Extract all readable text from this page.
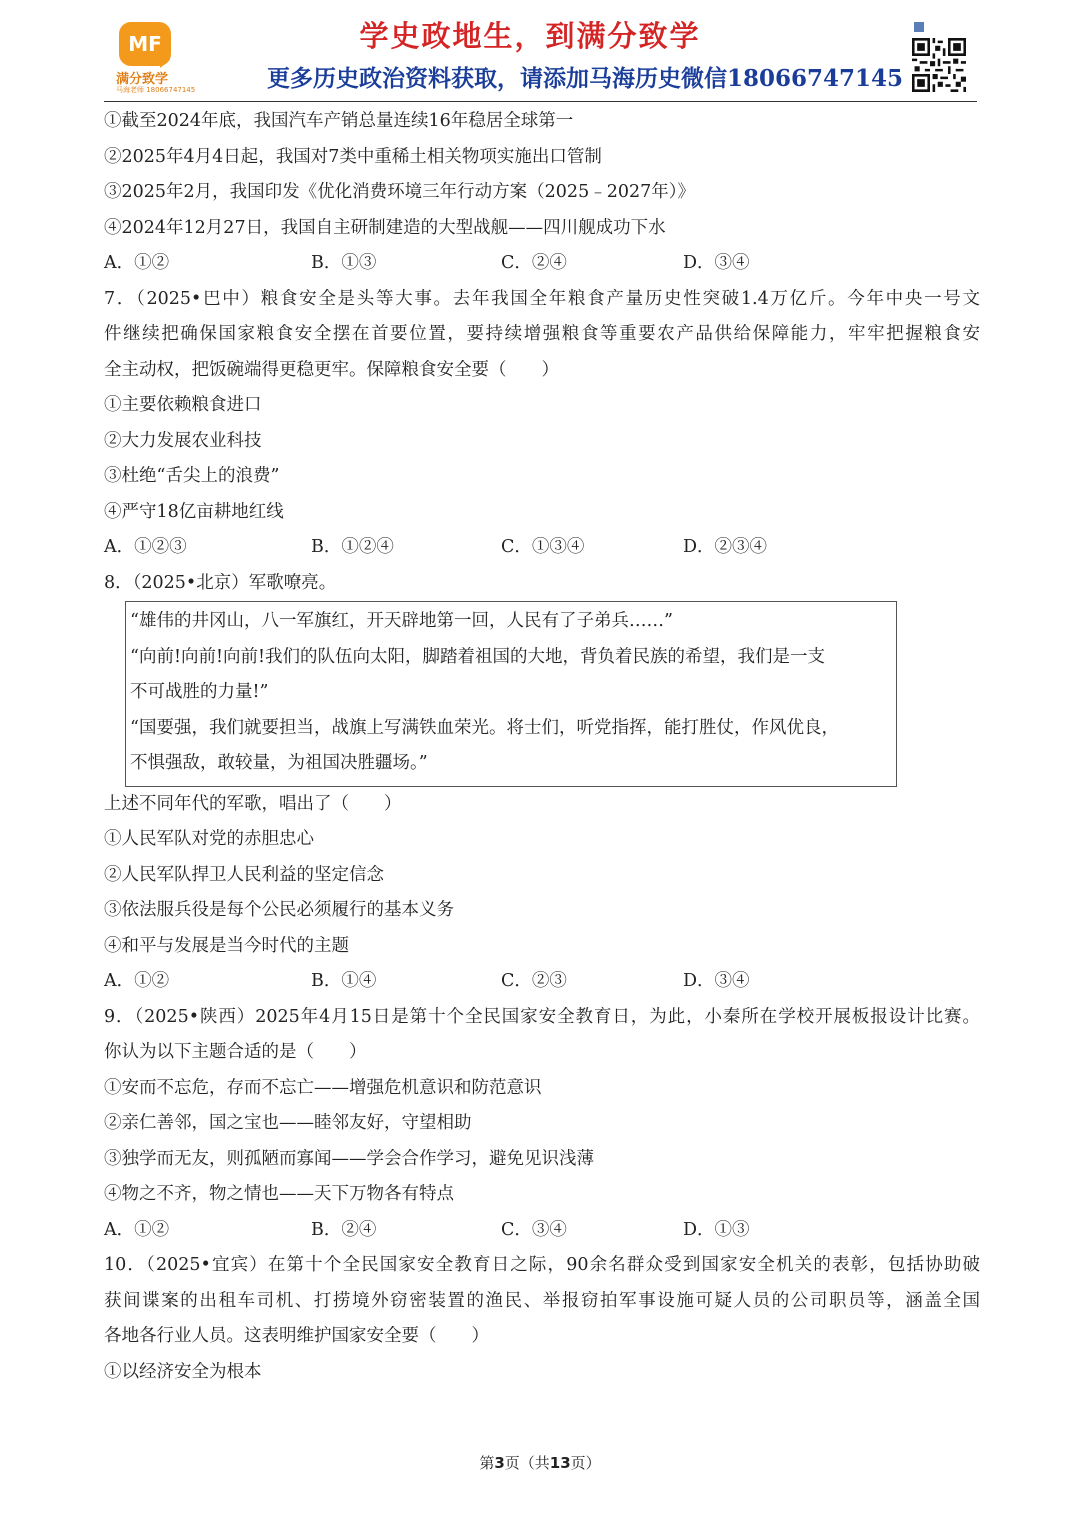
MF
满分致学
马海老师 18066747145
学史政地生，到满分致学
更多历史政治资料获取，请添加马海历史微信18066747145
①截至2024年底，我国汽车产销总量连续16年稳居全球第一
②2025年4月4日起，我国对7类中重稀土相关物项实施出口管制
③2025年2月，我国印发《优化消费环境三年行动方案（2025﹣2027年）》
④2024年12月27日，我国自主研制建造的大型战舰——四川舰成功下水
A．①②	B．①③	C．②④	D．③④
7．（2025•巴中）粮食安全是头等大事。去年我国全年粮食产量历史性突破1.4万亿斤。今年中央一号文
件继续把确保国家粮食安全摆在首要位置，要持续增强粮食等重要农产品供给保障能力，牢牢把握粮食安
全主动权，把饭碗端得更稳更牢。保障粮食安全要（　　）
①主要依赖粮食进口
②大力发展农业科技
③杜绝“舌尖上的浪费”
④严守18亿亩耕地红线
A．①②③	B．①②④	C．①③④	D．②③④
8．（2025•北京）军歌嘹亮。
“雄伟的井冈山，八一军旗红，开天辟地第一回，人民有了子弟兵……”
“向前!向前!向前!我们的队伍向太阳，脚踏着祖国的大地，背负着民族的希望，我们是一支
不可战胜的力量!”
“国要强，我们就要担当，战旗上写满铁血荣光。将士们，听党指挥，能打胜仗，作风优良，
不惧强敌，敢较量，为祖国决胜疆场。”
上述不同年代的军歌，唱出了（　　）
①人民军队对党的赤胆忠心
②人民军队捍卫人民利益的坚定信念
③依法服兵役是每个公民必须履行的基本义务
④和平与发展是当今时代的主题
A．①②	B．①④	C．②③	D．③④
9．（2025•陕西）2025年4月15日是第十个全民国家安全教育日，为此，小秦所在学校开展板报设计比赛。
你认为以下主题合适的是（　　）
①安而不忘危，存而不忘亡——增强危机意识和防范意识
②亲仁善邻，国之宝也——睦邻友好，守望相助
③独学而无友，则孤陋而寡闻——学会合作学习，避免见识浅薄
④物之不齐，物之情也——天下万物各有特点
A．①②	B．②④	C．③④	D．①③
10．（2025•宜宾）在第十个全民国家安全教育日之际，90余名群众受到国家安全机关的表彰，包括协助破
获间谍案的出租车司机、打捞境外窃密装置的渔民、举报窃拍军事设施可疑人员的公司职员等，涵盖全国
各地各行业人员。这表明维护国家安全要（　　）
①以经济安全为根本
第3页（共13页）
